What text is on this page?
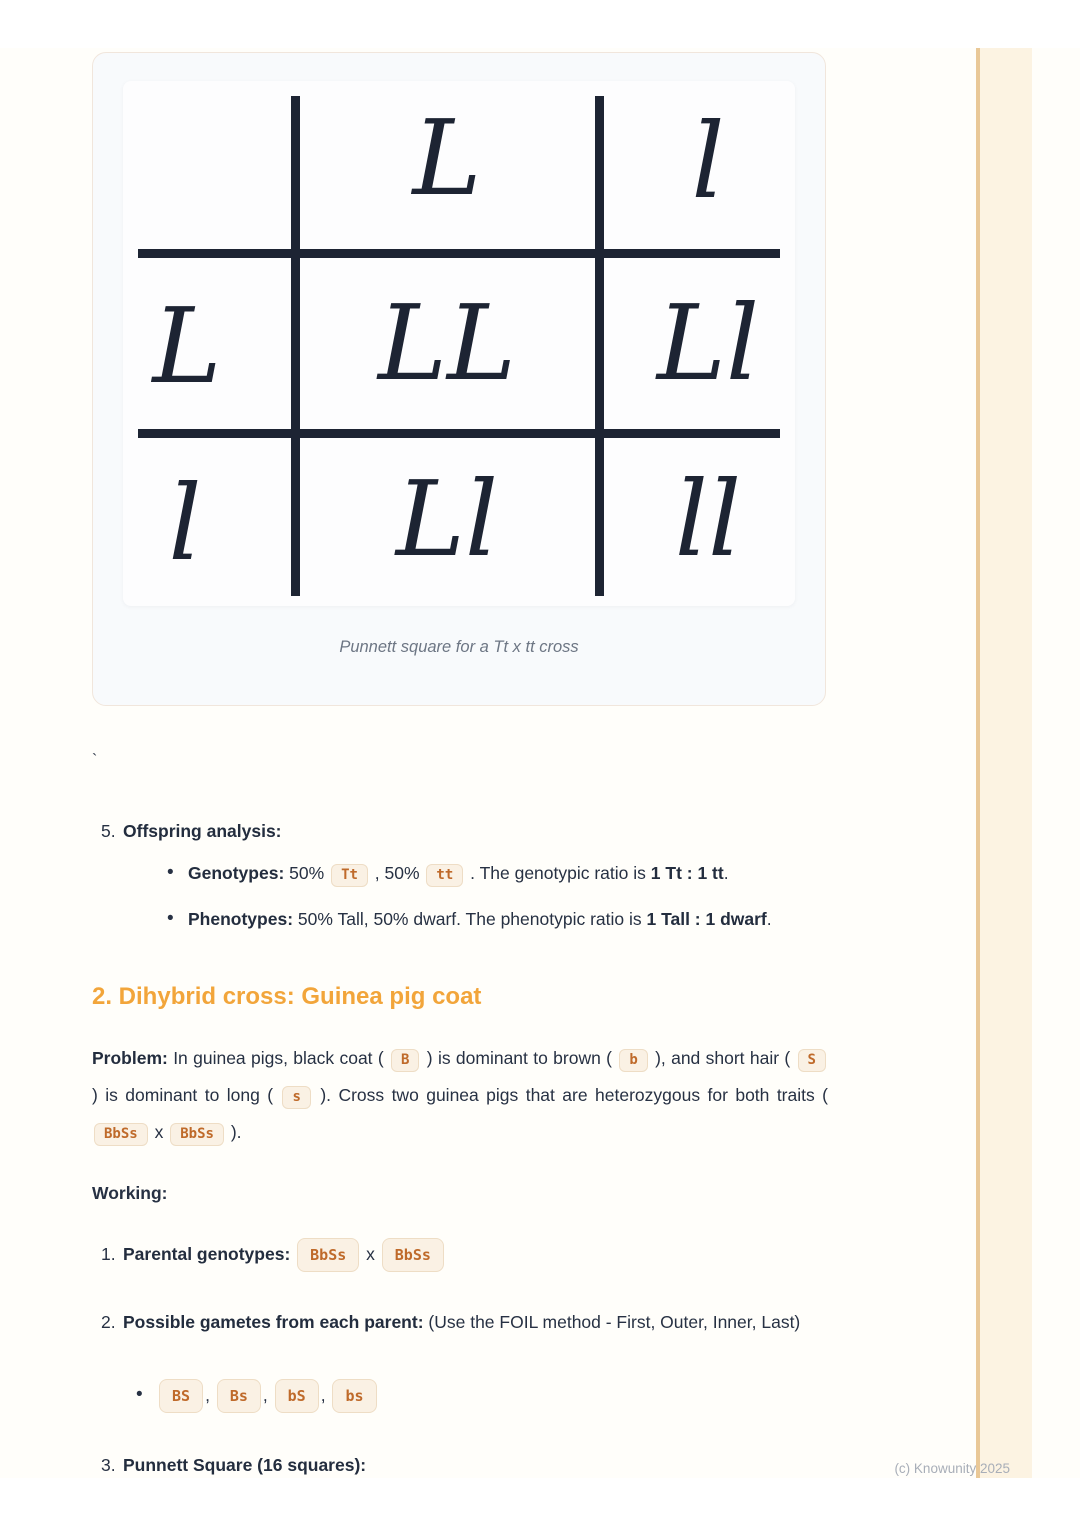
L l
L LL Ll
l Ll ll
Punnett square for a Tt x tt cross
`
5. Offspring analysis:
• Genotypes: 50% Tt , 50% tt . The genotypic ratio is 1 Tt : 1 tt.
• Phenotypes: 50% Tall, 50% dwarf. The phenotypic ratio is 1 Tall : 1 dwarf.
2. Dihybrid cross: Guinea pig coat
Problem: In guinea pigs, black coat ( B ) is dominant to brown ( b ), and short hair ( S ) is dominant to long ( s ). Cross two guinea pigs that are heterozygous for both traits ( BbSs x BbSs ).
Working:
1. Parental genotypes: BbSs x BbSs
2. Possible gametes from each parent: (Use the FOIL method - First, Outer, Inner, Last)
•	BS , Bs , bS , bs
3. Punnett Square (16 squares):	(c) Knowunity 2025
